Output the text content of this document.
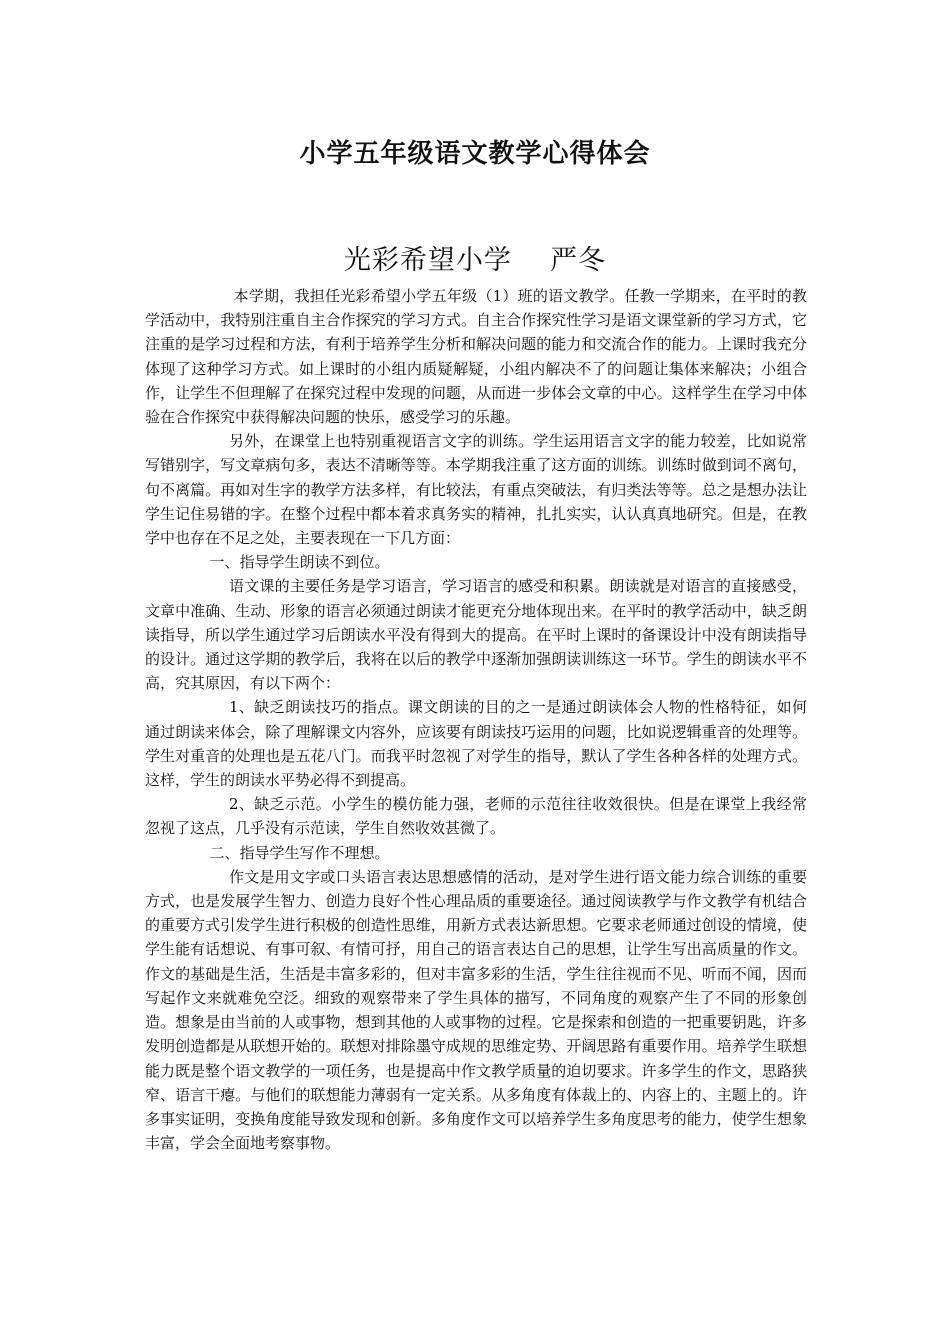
小学五年级语文教学心得体会
光彩希望小学    严冬

本学期，我担任光彩希望小学五年级（1）班的语文教学。任教一学期来，在平时的教学活动中，我特别注重自主合作探究的学习方式。自主合作探究性学习是语文课堂新的学习方式，它注重的是学习过程和方法，有利于培养学生分析和解决问题的能力和交流合作的能力。上课时我充分体现了这种学习方式。如上课时的小组内质疑解疑，小组内解决不了的问题让集体来解决；小组合作，让学生不但理解了在探究过程中发现的问题，从而进一步体会文章的中心。这样学生在学习中体验在合作探究中获得解决问题的快乐，感受学习的乐趣。

另外，在课堂上也特别重视语言文字的训练。学生运用语言文字的能力较差，比如说常写错别字，写文章病句多，表达不清晰等等。本学期我注重了这方面的训练。训练时做到词不离句，句不离篇。再如对生字的教学方法多样，有比较法，有重点突破法，有归类法等等。总之是想办法让学生记住易错的字。在整个过程中都本着求真务实的精神，扎扎实实，认认真真地研究。但是，在教学中也存在不足之处，主要表现在一下几方面：

一、指导学生朗读不到位。

语文课的主要任务是学习语言，学习语言的感受和积累。朗读就是对语言的直接感受，文章中准确、生动、形象的语言必须通过朗读才能更充分地体现出来。在平时的教学活动中，缺乏朗读指导，所以学生通过学习后朗读水平没有得到大的提高。在平时上课时的备课设计中没有朗读指导的设计。通过这学期的教学后，我将在以后的教学中逐渐加强朗读训练这一环节。学生的朗读水平不高，究其原因，有以下两个：

1、缺乏朗读技巧的指点。课文朗读的目的之一是通过朗读体会人物的性格特征，如何通过朗读来体会，除了理解课文内容外，应该要有朗读技巧运用的问题，比如说逻辑重音的处理等。学生对重音的处理也是五花八门。而我平时忽视了对学生的指导，默认了学生各种各样的处理方式。这样，学生的朗读水平势必得不到提高。

2、缺乏示范。小学生的模仿能力强，老师的示范往往收效很快。但是在课堂上我经常忽视了这点，几乎没有示范读，学生自然收效甚微了。

二、指导学生写作不理想。

作文是用文字或口头语言表达思想感情的活动，是对学生进行语文能力综合训练的重要方式，也是发展学生智力、创造力良好个性心理品质的重要途径。通过阅读教学与作文教学有机结合的重要方式引发学生进行积极的创造性思维，用新方式表达新思想。它要求老师通过创设的情境，使学生能有话想说、有事可叙、有情可抒，用自己的语言表达自己的思想，让学生写出高质量的作文。作文的基础是生活，生活是丰富多彩的，但对丰富多彩的生活，学生往往视而不见、听而不闻，因而写起作文来就难免空泛。细致的观察带来了学生具体的描写，不同角度的观察产生了不同的形象创造。想象是由当前的人或事物，想到其他的人或事物的过程。它是探索和创造的一把重要钥匙，许多发明创造都是从联想开始的。联想对排除墨守成规的思维定势、开阔思路有重要作用。培养学生联想能力既是整个语文教学的一项任务，也是提高中作文教学质量的迫切要求。许多学生的作文，思路狭窄、语言干瘪。与他们的联想能力薄弱有一定关系。从多角度有体裁上的、内容上的、主题上的。许多事实证明，变换角度能导致发现和创新。多角度作文可以培养学生多角度思考的能力，使学生想象丰富，学会全面地考察事物。
